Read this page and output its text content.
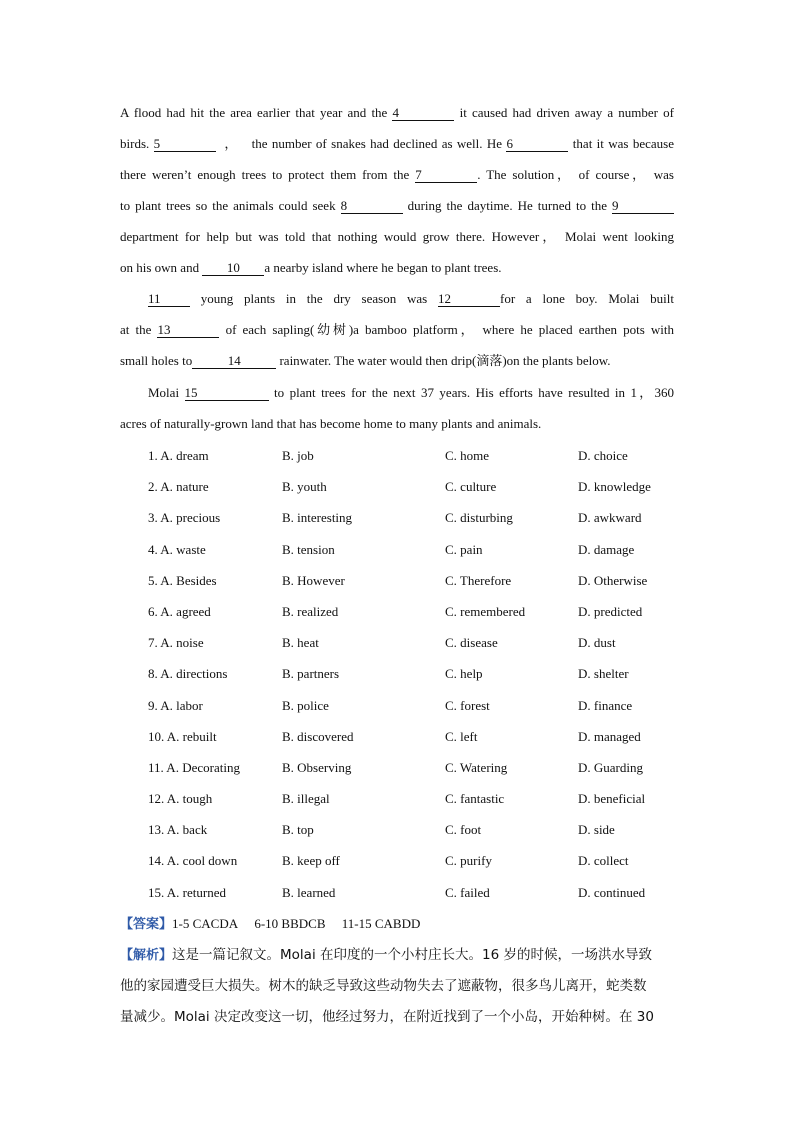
A flood had hit the area earlier that year and the 4	it caused had driven away a number of
birds. 5	，   the number of snakes had declined as well. He 6	that it was because
there weren’t enough trees to protect them from the 7	. The solution， of course， was
to plant trees so the animals could seek 8	during the daytime. He turned to the 9
department for help but was told that nothing would grow there. However， Molai went looking
on his own and 10 a nearby island where he began to plant trees.
11 young plants in the dry season was 12	for a lone boy. Molai built
at the 13	of each sapling(幼树)a bamboo platform， where he placed earthen pots with
small holes to	14	rainwater. The water would then drip(滴落)on the plants below.
Molai 15	to plant trees for the next 37 years. His efforts have resulted in 1，360
acres of naturally-grown land that has become home to many plants and animals.
1. A. dream	B. job	C. home	D. choice
2. A. nature	B. youth	C. culture	D. knowledge
3. A. precious	B. interesting	C. disturbing	D. awkward
4. A. waste	B. tension	C. pain	D. damage
5. A. Besides	B. However	C. Therefore	D. Otherwise
6. A. agreed	B. realized	C. remembered	D. predicted
7. A. noise	B. heat	C. disease	D. dust
8. A. directions	B. partners	C. help	D. shelter
9. A. labor	B. police	C. forest	D. finance
10. A. rebuilt	B. discovered	C. left	D. managed
11. A. Decorating	B. Observing	C. Watering	D. Guarding
12. A. tough	B. illegal	C. fantastic	D. beneficial
13. A. back	B. top	C. foot	D. side
14. A. cool down	B. keep off	C. purify	D. collect
15. A. returned	B. learned	C. failed	D. continued
【答案】1-5 CACDA     6-10 BBDCB     11-15 CABDD
【解析】这是一篇记叙文。Molai 在印度的一个小村庄长大。16 岁的时候，一场洪水导致
他的家园遭受巨大损失。树木的缺乏导致这些动物失去了遮蔽物，很多鸟儿离开，蛇类数
量减少。Molai 决定改变这一切，他经过努力，在附近找到了一个小岛，开始种树。在 30
